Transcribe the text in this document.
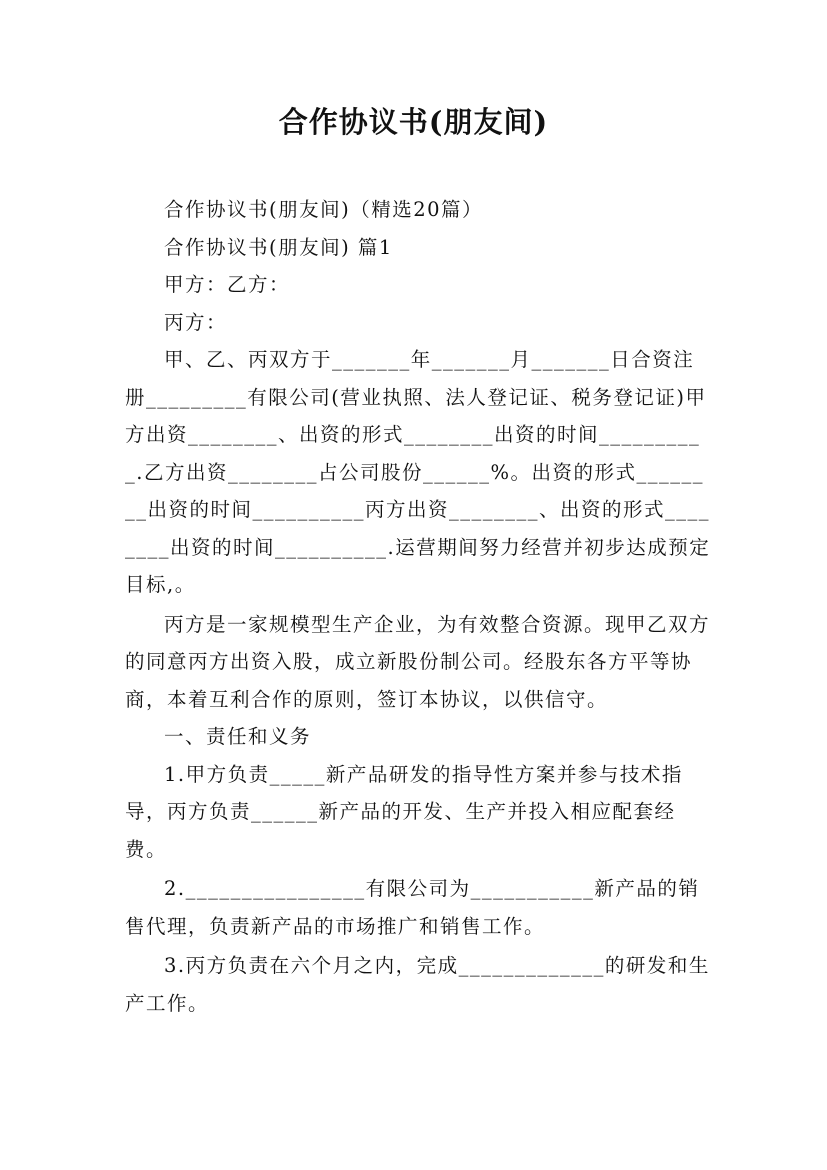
合作协议书(朋友间)

合作协议书(朋友间)（精选20篇）

合作协议书(朋友间) 篇1

甲方：乙方：

丙方：

甲、乙、丙双方于_______年_______月_______日合资注册_________有限公司(营业执照、法人登记证、税务登记证)甲方出资________、出资的形式________出资的时间__________.乙方出资________占公司股份______%。出资的形式________出资的时间__________丙方出资________、出资的形式________出资的时间__________.运营期间努力经营并初步达成预定目标,。

丙方是一家规模型生产企业，为有效整合资源。现甲乙双方的同意丙方出资入股，成立新股份制公司。经股东各方平等协商，本着互利合作的原则，签订本协议，以供信守。

一、责任和义务

1.甲方负责_____新产品研发的指导性方案并参与技术指导，丙方负责______新产品的开发、生产并投入相应配套经费。

2.________________有限公司为___________新产品的销售代理，负责新产品的市场推广和销售工作。

3.丙方负责在六个月之内，完成_____________的研发和生产工作。
